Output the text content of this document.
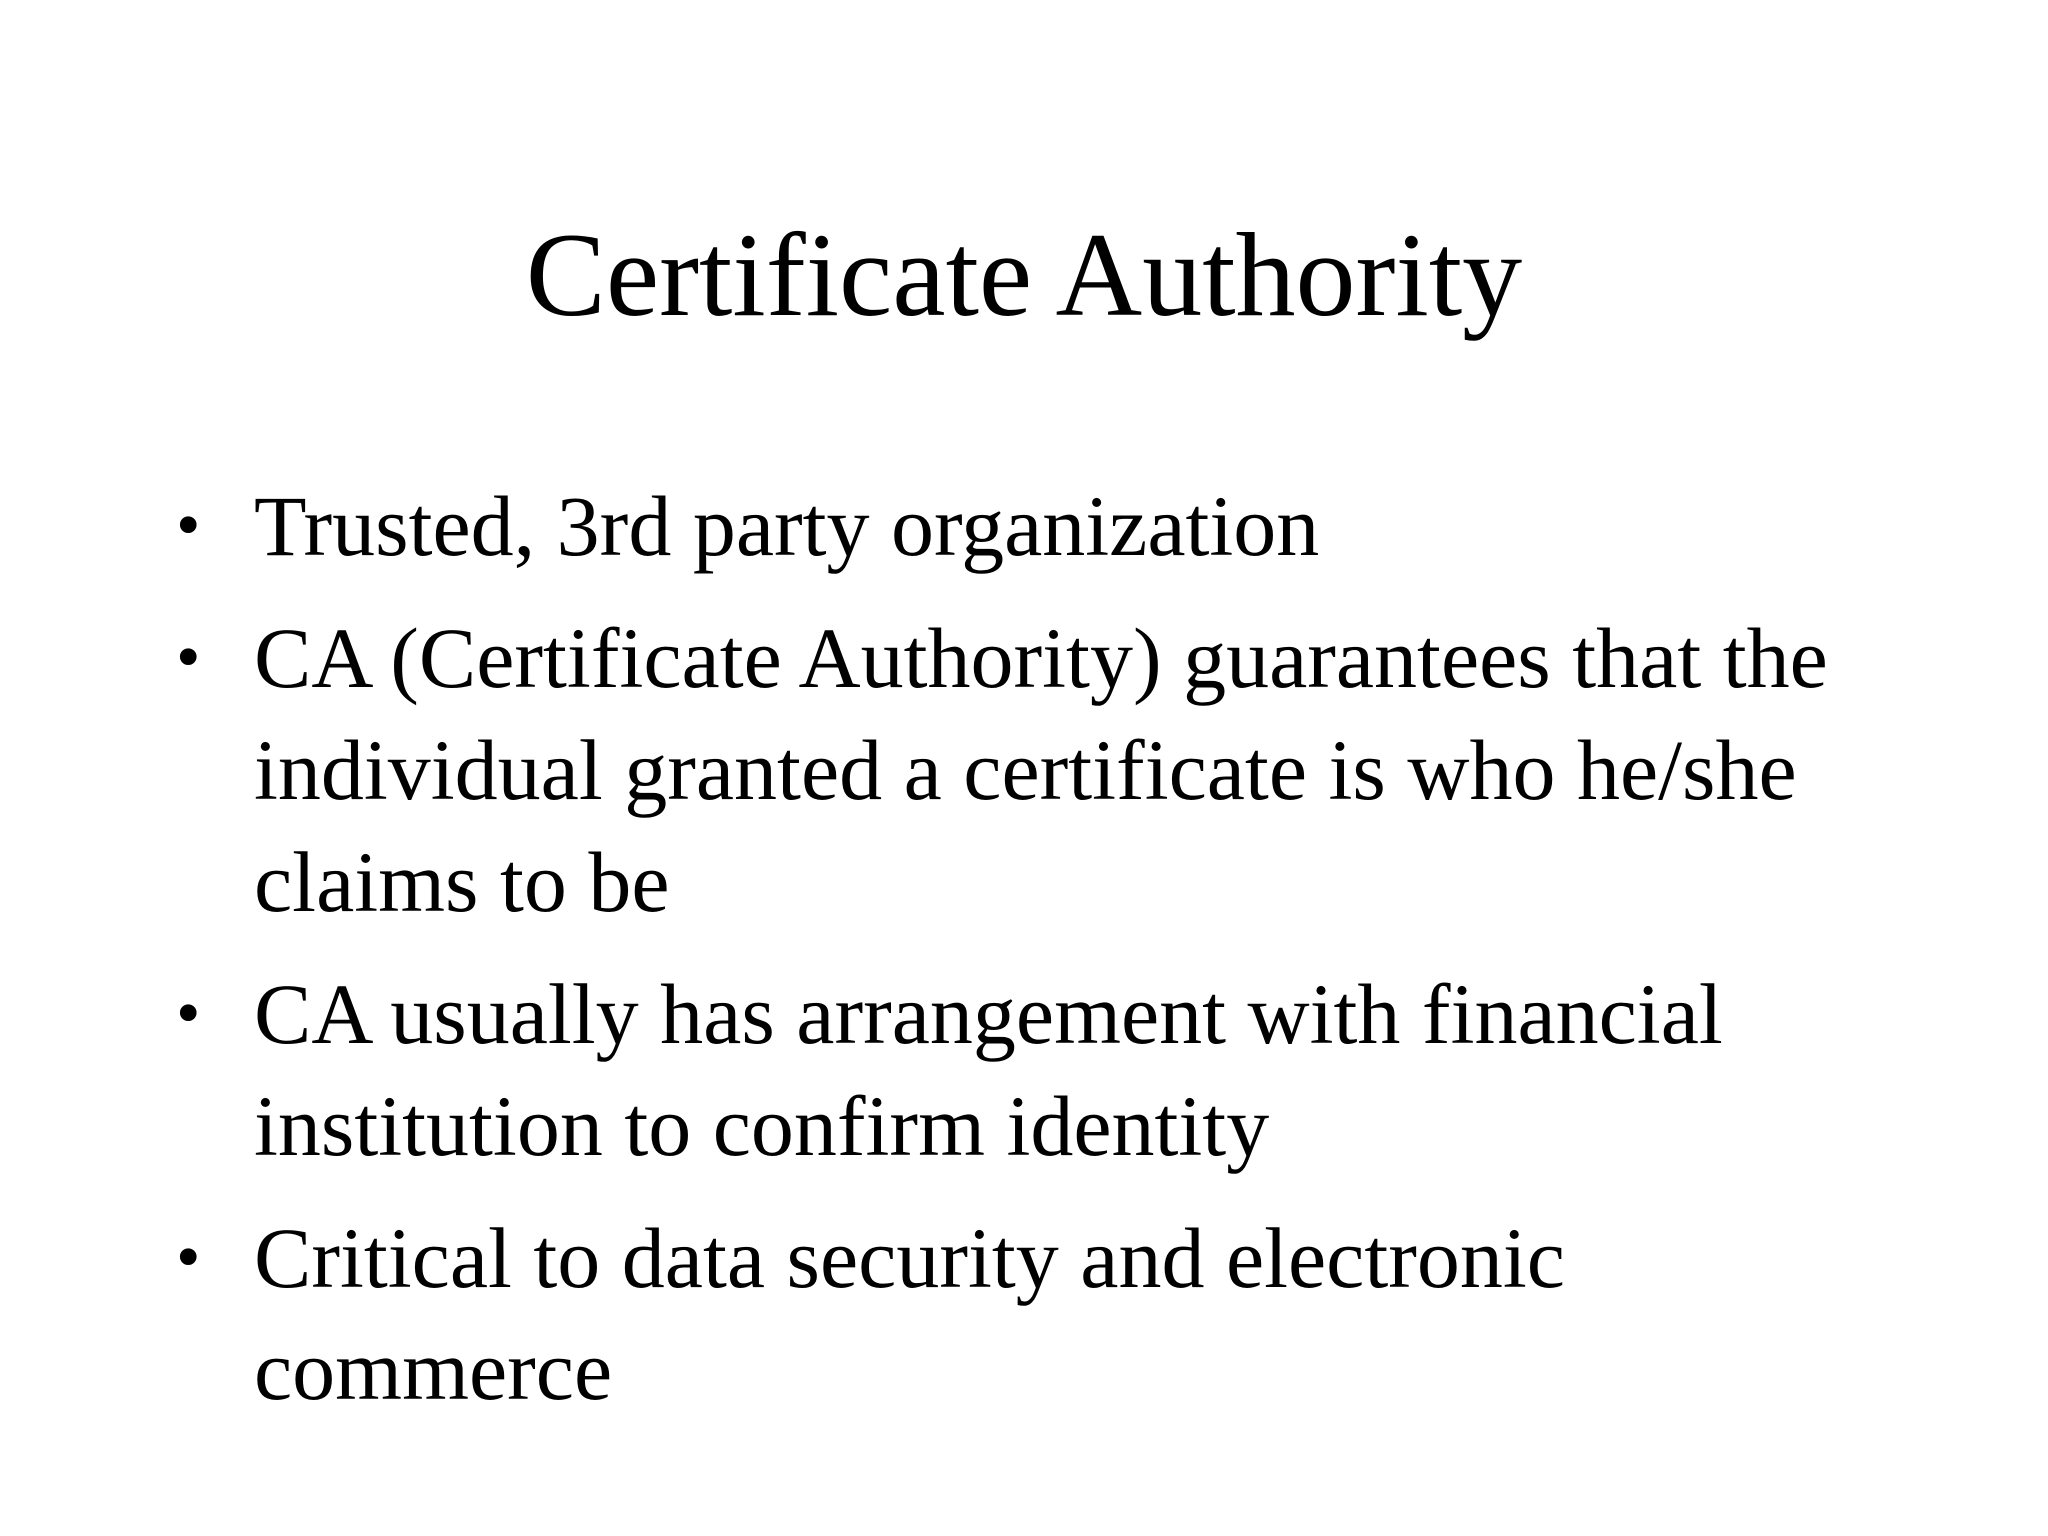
Certificate Authority
• Trusted, 3rd party organization
• CA (Certificate Authority) guarantees that the individual granted a certificate is who he/she claims to be
• CA usually has arrangement with financial institution to confirm identity
• Critical to data security and electronic commerce
